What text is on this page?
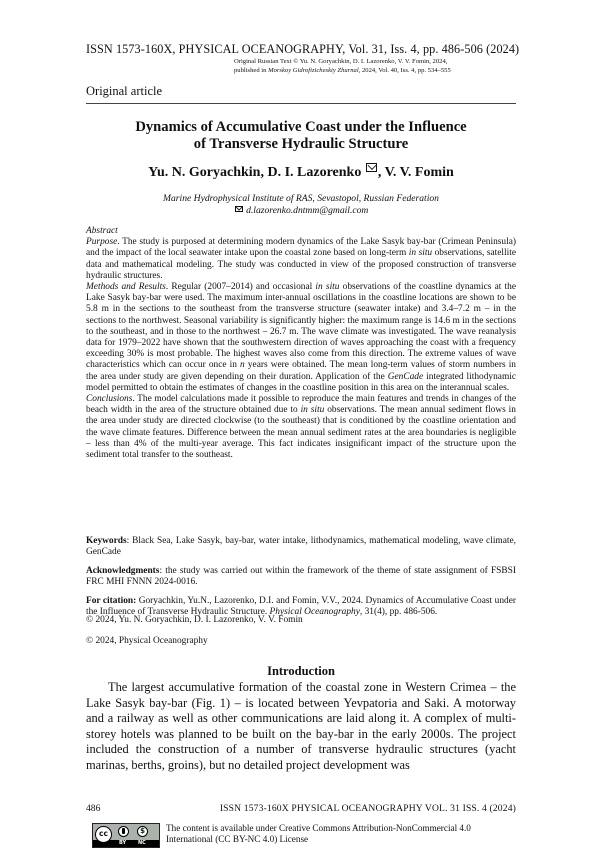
ISSN 1573-160X, PHYSICAL OCEANOGRAPHY, Vol. 31, Iss. 4, pp. 486-506 (2024)
Original Russian Text © Yu. N. Goryachkin, D. I. Lazorenko, V. V. Fomin, 2024,
published in Morskoy Gidrofizicheskiy Zhurnal, 2024, Vol. 40, Iss. 4, pp. 534–555
Original article
Dynamics of Accumulative Coast under the Influence
of Transverse Hydraulic Structure
Yu. N. Goryachkin, D. I. Lazorenko , V. V. Fomin
Marine Hydrophysical Institute of RAS, Sevastopol, Russian Federation
d.lazorenko.dntmm@gmail.com

Abstract

Purpose. The study is purposed at determining modern dynamics of the Lake Sasyk bay-bar (Crimean Peninsula) and the impact of the local seawater intake upon the coastal zone based on long-term in situ observations, satellite data and mathematical modeling. The study was conducted in view of the proposed construction of transverse hydraulic structures.

Methods and Results. Regular (2007–2014) and occasional in situ observations of the coastline dynamics at the Lake Sasyk bay-bar were used. The maximum inter-annual oscillations in the coastline locations are shown to be 5.8 m in the sections to the southeast from the transverse structure (seawater intake) and 3.4–7.2 m – in the sections to the northwest. Seasonal variability is significantly higher: the maximum range is 14.6 m in the sections to the southeast, and in those to the northwest – 26.7 m. The wave climate was investigated. The wave reanalysis data for 1979–2022 have shown that the southwestern direction of waves approaching the coast with a frequency exceeding 30% is most probable. The highest waves also come from this direction. The extreme values of wave characteristics which can occur once in n years were obtained. The mean long-term values of storm numbers in the area under study are given depending on their duration. Application of the GenCade integrated lithodynamic model permitted to obtain the estimates of changes in the coastline position in this area on the interannual scales.

Conclusions. The model calculations made it possible to reproduce the main features and trends in changes of the beach width in the area of the structure obtained due to in situ observations. The mean annual sediment flows in the area under study are directed clockwise (to the southeast) that is conditioned by the coastline orientation and the wave climate features. Difference between the mean annual sediment rates at the area boundaries is negligible – less than 4% of the multi-year average. This fact indicates insignificant impact of the structure upon the sediment total transfer to the southeast.

Keywords: Black Sea, Lake Sasyk, bay-bar, water intake, lithodynamics, mathematical modeling, wave climate, GenCade
Acknowledgments: the study was carried out within the framework of the theme of state assignment of FSBSI FRC MHI FNNN 2024-0016.
For citation: Goryachkin, Yu.N., Lazorenko, D.I. and Fomin, V.V., 2024. Dynamics of Accumulative Coast under the Influence of Transverse Hydraulic Structure. Physical Oceanography, 31(4), pp. 486-506.
© 2024, Yu. N. Goryachkin, D. I. Lazorenko, V. V. Fomin
© 2024, Physical Oceanography
Introduction

The largest accumulative formation of the coastal zone in Western Crimea – the Lake Sasyk bay-bar (Fig. 1) – is located between Yevpatoria and Saki. A motorway and a railway as well as other communications are laid along it. A complex of multi-storey hotels was planned to be built on the bay-bar in the early 2000s. The project included the construction of a number of transverse hydraulic structures (yacht marinas, berths, groins), but no detailed project development was

486	ISSN 1573-160X PHYSICAL OCEANOGRAPHY VOL. 31 ISS. 4 (2024)
cc	$
BY NC
The content is available under Creative Commons Attribution-NonCommercial 4.0
International (CC BY-NC 4.0) License
